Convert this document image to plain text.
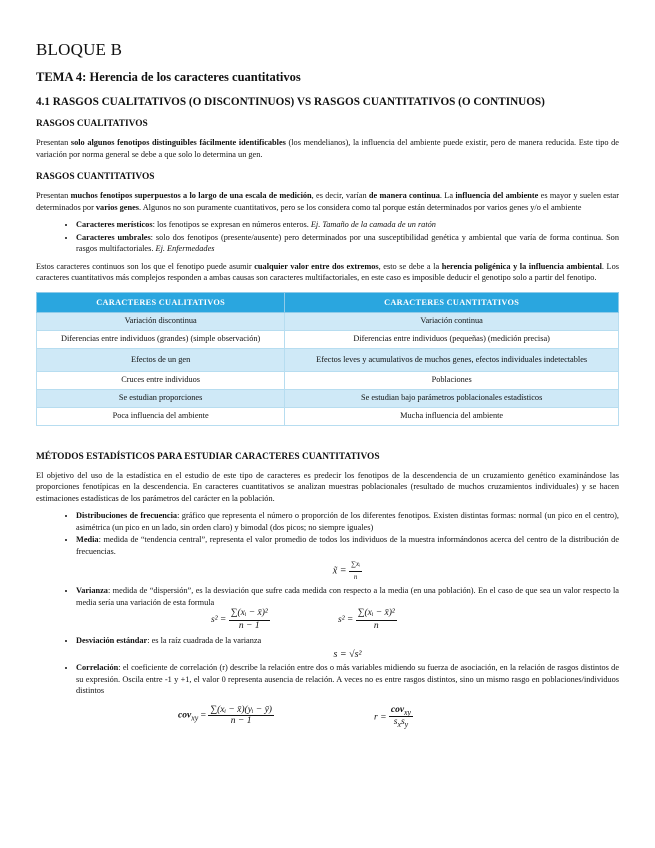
BLOQUE B
TEMA 4: Herencia de los caracteres cuantitativos
4.1 RASGOS CUALITATIVOS (O DISCONTINUOS) VS RASGOS CUANTITATIVOS (O CONTINUOS)
RASGOS CUALITATIVOS

Presentan solo algunos fenotipos distinguibles fácilmente identificables (los mendelianos), la influencia del ambiente puede existir, pero de manera reducida. Este tipo de variación por norma general se debe a que solo lo determina un gen.

RASGOS CUANTITATIVOS

Presentan muchos fenotipos superpuestos a lo largo de una escala de medición, es decir, varían de manera continua. La influencia del ambiente es mayor y suelen estar determinados por varios genes. Algunos no son puramente cuantitativos, pero se los considera como tal porque están determinados por varios genes y/o el ambiente

• Caracteres merísticos: los fenotipos se expresan en números enteros. Ej. Tamaño de la camada de un ratón
• Caracteres umbrales: solo dos fenotipos (presente/ausente) pero determinados por una susceptibilidad genética y ambiental que varía de forma continua. Son rasgos multifactoriales. Ej. Enfermedades

Estos caracteres continuos son los que el fenotipo puede asumir cualquier valor entre dos extremos, esto se debe a la herencia poligénica y la influencia ambiental. Los caracteres cuantitativos más complejos responden a ambas causas son caracteres multifactoriales, en este caso es imposible deducir el genotipo solo a partir del fenotipo.

CARACTERES CUALITATIVOS	CARACTERES CUANTITATIVOS
Variación discontinua	Variación continua
Diferencias entre individuos (grandes) (simple observación)	Diferencias entre individuos (pequeñas) (medición precisa)
Efectos de un gen	Efectos leves y acumulativos de muchos genes, efectos individuales indetectables
Cruces entre individuos	Poblaciones
Se estudian proporciones	Se estudian bajo parámetros poblacionales estadísticos
Poca influencia del ambiente	Mucha influencia del ambiente
MÉTODOS ESTADÍSTICOS PARA ESTUDIAR CARACTERES CUANTITATIVOS

El objetivo del uso de la estadística en el estudio de este tipo de caracteres es predecir los fenotipos de la descendencia de un cruzamiento genético examinándose las proporciones fenotípicas en la descendencia. En caracteres cuantitativos se analizan muestras poblacionales (resultado de muchos cruzamientos individuales) y se hacen estimaciones estadísticas de los parámetros del carácter en la población.

• Distribuciones de frecuencia: gráfico que representa el número o proporción de los diferentes fenotipos. Existen distintas formas: normal (un pico en el centro), asimétrica (un pico en un lado, sin orden claro) y bimodal (dos picos; no siempre iguales)
• Media: medida de “tendencia central”, representa el valor promedio de todos los individuos de la muestra informándonos acerca del centro de la distribución de frecuencias.
x̃ = $\frac{\text{∑xᵢ}}{n}$
• Varianza: medida de “dispersión”, es la desviación que sufre cada medida con respecto a la media (en una población). En el caso de que sea un valor respecto la media sería una variación de esta formula
$s^2 = \frac{\text{∑(xᵢ − x̄)²}}{n - 1}$	$s^2 = \frac{\text{∑(xᵢ − x̄)²}}{n}$
• Desviación estándar: es la raíz cuadrada de la varianza
s = √s²
• Correlación: el coeficiente de correlación (r) describe la relación entre dos o más variables midiendo su fuerza de asociación, en la relación de rasgos distintos de su expresión. Oscila entre -1 y +1, el valor 0 representa ausencia de relación. A veces no es entre rasgos distintos, sino un mismo rasgo en poblaciones/individuos distintos
$cov_{xy} = \frac{\text{∑(xᵢ − x̄)(yᵢ − ȳ)}}{n - 1}$	$r = \frac{cov_{xy}}{s_xs_y}$
